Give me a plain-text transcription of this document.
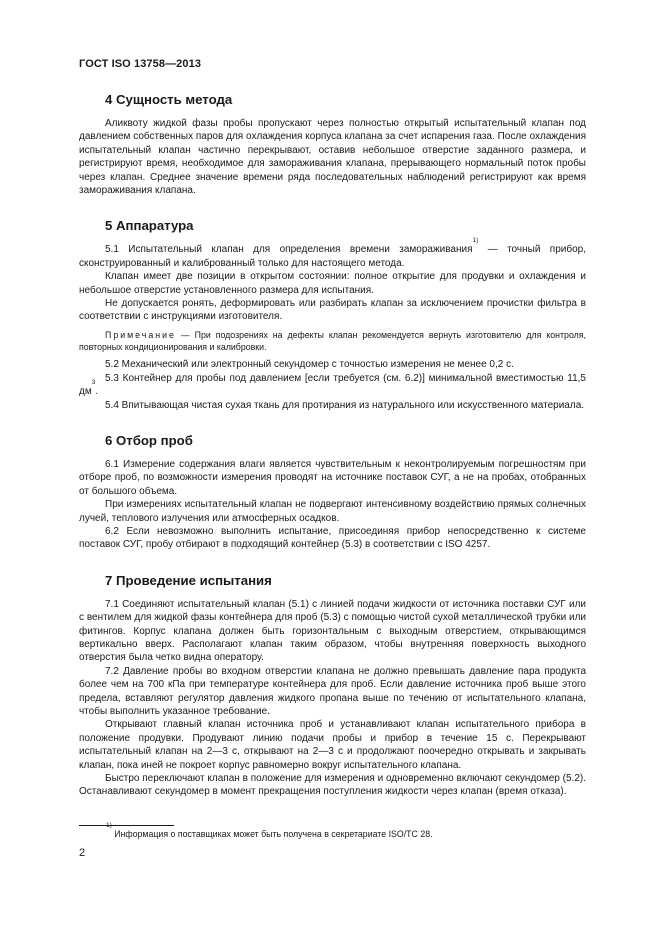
ГОСТ ISO 13758—2013
4 Сущность метода

Аликвоту жидкой фазы пробы пропускают через полностью открытый испытательный клапан под давлением собственных паров для охлаждения корпуса клапана за счет испарения газа. После охлаждения испытательный клапан частично перекрывают, оставив небольшое отверстие заданного размера, и регистрируют время, необходимое для замораживания клапана, прерывающего нормальный поток пробы через клапан. Среднее значение времени ряда последовательных наблюдений регистрируют как время замораживания клапана.

5 Аппаратура

5.1 Испытательный клапан для определения времени замораживания$^{1)}$ — точный прибор, сконструированный и калиброванный только для настоящего метода.

Клапан имеет две позиции в открытом состоянии: полное открытие для продувки и охлаждения и небольшое отверстие установленного размера для испытания.

Не допускается ронять, деформировать или разбирать клапан за исключением прочистки фильтра в соответствии с инструкциями изготовителя.

Примечание — При подозрениях на дефекты клапан рекомендуется вернуть изготовителю для контроля, повторных кондиционирования и калибровки.

5.2 Механический или электронный секундомер с точностью измерения не менее 0,2 с.

5.3 Контейнер для пробы под давлением [если требуется (см. 6.2)] минимальной вместимостью 11,5 $дм^3$.

5.4 Впитывающая чистая сухая ткань для протирания из натурального или искусственного материала.

6 Отбор проб

6.1 Измерение содержания влаги является чувствительным к неконтролируемым погрешностям при отборе проб, по возможности измерения проводят на источнике поставок СУГ, а не на пробах, отобранных от большого объема.

При измерениях испытательный клапан не подвергают интенсивному воздействию прямых солнечных лучей, теплового излучения или атмосферных осадков.

6.2 Если невозможно выполнить испытание, присоединяя прибор непосредственно к системе поставок СУГ, пробу отбирают в подходящий контейнер (5.3) в соответствии с ISO 4257.

7 Проведение испытания

7.1 Соединяют испытательный клапан (5.1) с линией подачи жидкости от источника поставки СУГ или с вентилем для жидкой фазы контейнера для проб (5.3) с помощью чистой сухой металлической трубки или фитингов. Корпус клапана должен быть горизонтальным с выходным отверстием, открывающимся вертикально вверх. Располагают клапан таким образом, чтобы внутренняя поверхность выходного отверстия была четко видна оператору.

7.2 Давление пробы во входном отверстии клапана не должно превышать давление пара продукта более чем на 700 кПа при температуре контейнера для проб. Если давление источника проб выше этого предела, вставляют регулятор давления жидкого пропана выше по течению от испытательного клапана, чтобы выполнить указанное требование.

Открывают главный клапан источника проб и устанавливают клапан испытательного прибора в положение продувки. Продувают линию подачи пробы и прибор в течение 15 с. Перекрывают испытательный клапан на 2—3 с, открывают на 2—3 с и продолжают поочередно открывать и закрывать клапан, пока иней не покроет корпус равномерно вокруг испытательного клапана.

Быстро переключают клапан в положение для измерения и одновременно включают секундомер (5.2). Останавливают секундомер в момент прекращения поступления жидкости через клапан (время отказа).

$^{1)}$ Информация о поставщиках может быть получена в секретариате ISO/TC 28.
2
